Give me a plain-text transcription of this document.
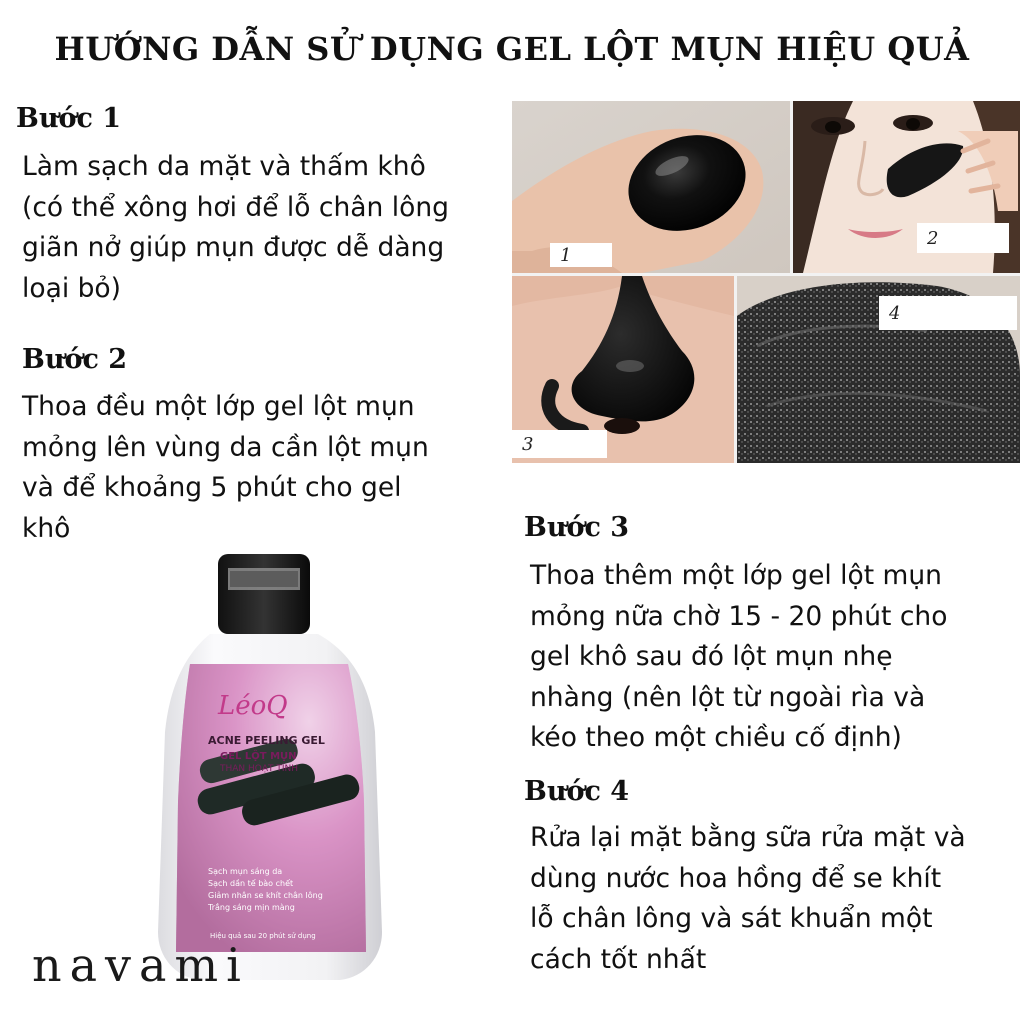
HƯỚNG DẪN SỬ DỤNG GEL LỘT MỤN HIỆU QUẢ
Bước 1
Làm sạch da mặt và thấm khô
(có thể xông hơi để lỗ chân lông
giãn nở giúp mụn được dễ dàng
loại bỏ)
Bước 2
Thoa đều một lớp gel lột mụn
mỏng lên vùng da cần lột mụn
và để khoảng 5 phút cho gel
khô	Bước 3
Thoa thêm một lớp gel lột mụn
mỏng nữa chờ 15 - 20 phút cho
gel khô sau đó lột mụn nhẹ
nhàng (nên lột từ ngoài rìa và
kéo theo một chiều cố định)
Bước 4
Rửa lại mặt bằng sữa rửa mặt và
dùng nước hoa hồng để se khít
lỗ chân lông và sát khuẩn một
cách tốt nhất
1
2
3
4
LéoQ
ACNE PEELING GEL
GEL LỘT MỤN
THAN HOẠT TÍNH
Sạch mụn sáng da
Sạch dần tế bào chết
Giảm nhân se khít chân lông
Trắng sáng mịn màng
Hiệu quả sau 20 phút sử dụng
navami
